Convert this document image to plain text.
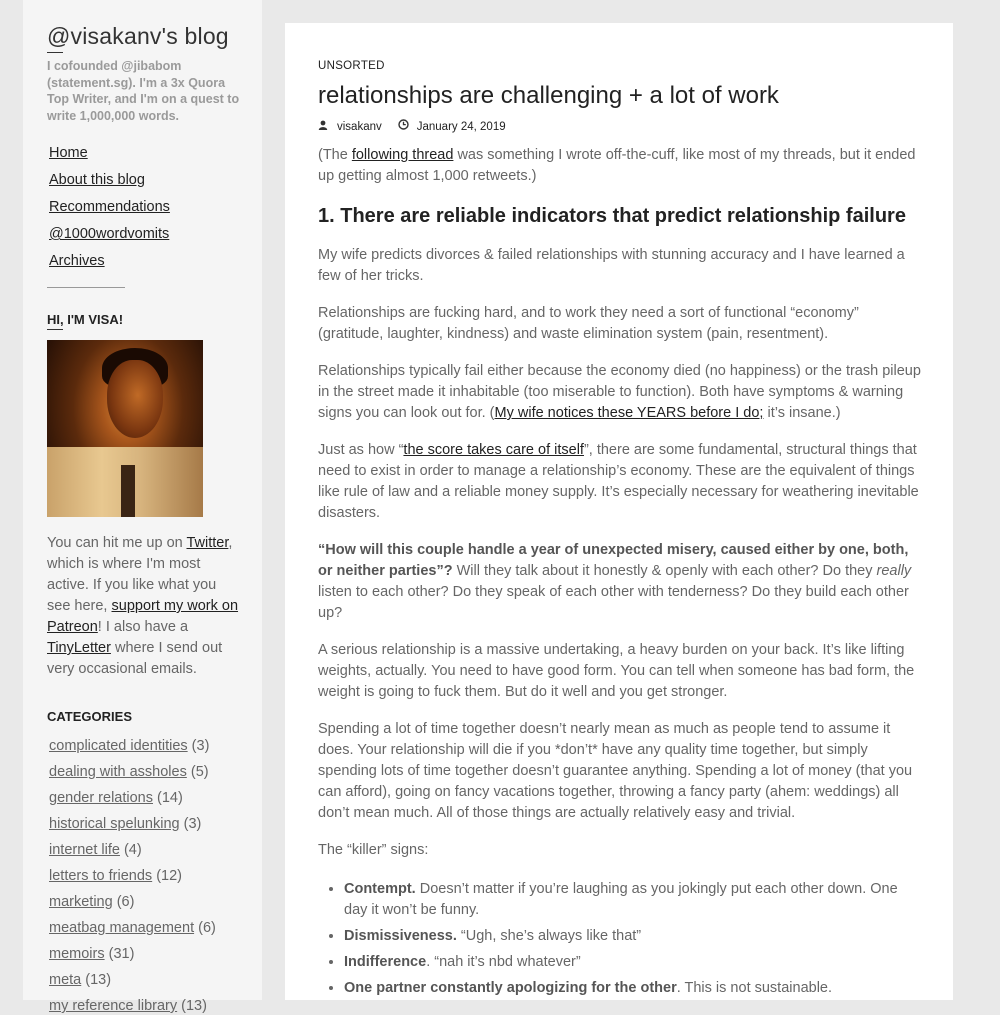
@visakanv's blog
I cofounded @jibabom (statement.sg). I'm a 3x Quora Top Writer, and I'm on a quest to write 1,000,000 words.
Home
About this blog
Recommendations
@1000wordvomits
Archives
HI, I'M VISA!
You can hit me up on Twitter, which is where I'm most active. If you like what you see here, support my work on Patreon! I also have a TinyLetter where I send out very occasional emails.
CATEGORIES
complicated identities (3)
dealing with assholes (5)
gender relations (14)
historical spelunking (3)
internet life (4)
letters to friends (12)
marketing (6)
meatbag management (6)
memoirs (31)
meta (13)
my reference library (13)
UNSORTED
relationships are challenging + a lot of work
visakanv	January 24, 2019

(The following thread was something I wrote off-the-cuff, like most of my threads, but it ended up getting almost 1,000 retweets.)

1. There are reliable indicators that predict relationship failure

My wife predicts divorces & failed relationships with stunning accuracy and I have learned a few of her tricks.

Relationships are fucking hard, and to work they need a sort of functional “economy” (gratitude, laughter, kindness) and waste elimination system (pain, resentment).

Relationships typically fail either because the economy died (no happiness) or the trash pileup in the street made it inhabitable (too miserable to function). Both have symptoms & warning signs you can look out for. (My wife notices these YEARS before I do; it’s insane.)

Just as how “the score takes care of itself”, there are some fundamental, structural things that need to exist in order to manage a relationship’s economy. These are the equivalent of things like rule of law and a reliable money supply. It’s especially necessary for weathering inevitable disasters.

“How will this couple handle a year of unexpected misery, caused either by one, both, or neither parties”? Will they talk about it honestly & openly with each other? Do they really listen to each other? Do they speak of each other with tenderness? Do they build each other up?

A serious relationship is a massive undertaking, a heavy burden on your back. It’s like lifting weights, actually. You need to have good form. You can tell when someone has bad form, the weight is going to fuck them. But do it well and you get stronger.

Spending a lot of time together doesn’t nearly mean as much as people tend to assume it does. Your relationship will die if you *don’t* have any quality time together, but simply spending lots of time together doesn’t guarantee anything. Spending a lot of money (that you can afford), going on fancy vacations together, throwing a fancy party (ahem: weddings) all don’t mean much. All of those things are actually relatively easy and trivial.

The “killer” signs:

• Contempt. Doesn’t matter if you’re laughing as you jokingly put each other down. One day it won’t be funny.
• Dismissiveness. “Ugh, she’s always like that”
• Indifference. “nah it’s nbd whatever”
• One partner constantly apologizing for the other. This is not sustainable.
